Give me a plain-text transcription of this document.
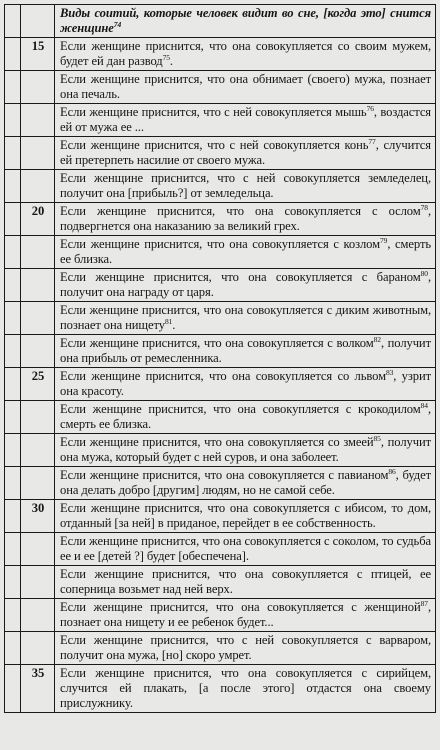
		Виды соитий, которые человек видит во сне, [когда это] снится женщине$^{74}$
	15	Если женщине приснится, что она совокупляется со своим мужем, будет ей дан развод$^{75}$.
		Если женщине приснится, что она обнимает (своего) мужа, познает она печаль.
		Если женщине приснится, что с ней совокупляется мышь$^{76}$, воздастся ей от мужа ее ...
		Если женщине приснится, что с ней совокупляется конь$^{77}$, случится ей претерпеть насилие от своего мужа.
		Если женщине приснится, что с ней совокупляется земледелец, получит она [прибыль?] от земледельца.
	20	Если женщине приснится, что она совокупляется с ослом$^{78}$, подвергнется она наказанию за великий грех.
		Если женщине приснится, что она совокупляется с козлом$^{79}$, смерть ее близка.
		Если женщине приснится, что она совокупляется с бараном$^{80}$, получит она награду от царя.
		Если женщине приснится, что она совокупляется с диким животным, познает она нищету$^{81}$.
		Если женщине приснится, что она совокупляется с волком$^{82}$, получит она прибыль от ремесленника.
	25	Если женщине приснится, что она совокупляется со львом$^{83}$, узрит она красоту.
		Если женщине приснится, что она совокупляется с крокодилом$^{84}$, смерть ее близка.
		Если женщине приснится, что она совокупляется со змеей$^{85}$, получит она мужа, который будет с ней суров, и она заболеет.
		Если женщине приснится, что она совокупляется с павианом$^{86}$, будет она делать добро [другим] людям, но не самой себе.
	30	Если женщине приснится, что она совокупляется с ибисом, то дом, отданный [за ней] в приданое, перейдет в ее собственность.
		Если женщине приснится, что она совокупляется с соколом, то судьба ее и ее [детей ?] будет [обеспечена].
		Если женщине приснится, что она совокупляется с птицей, ее соперница возьмет над ней верх.
		Если женщине приснится, что она совокупляется с женщиной$^{87}$, познает она нищету и ее ребенок будет...
		Если женщине приснится, что с ней совокупляется с варваром, получит она мужа, [но] скоро умрет.
	35	Если женщине приснится, что она совокупляется с сирийцем, случится ей плакать, [а после этого] отдастся она своему прислужнику.
